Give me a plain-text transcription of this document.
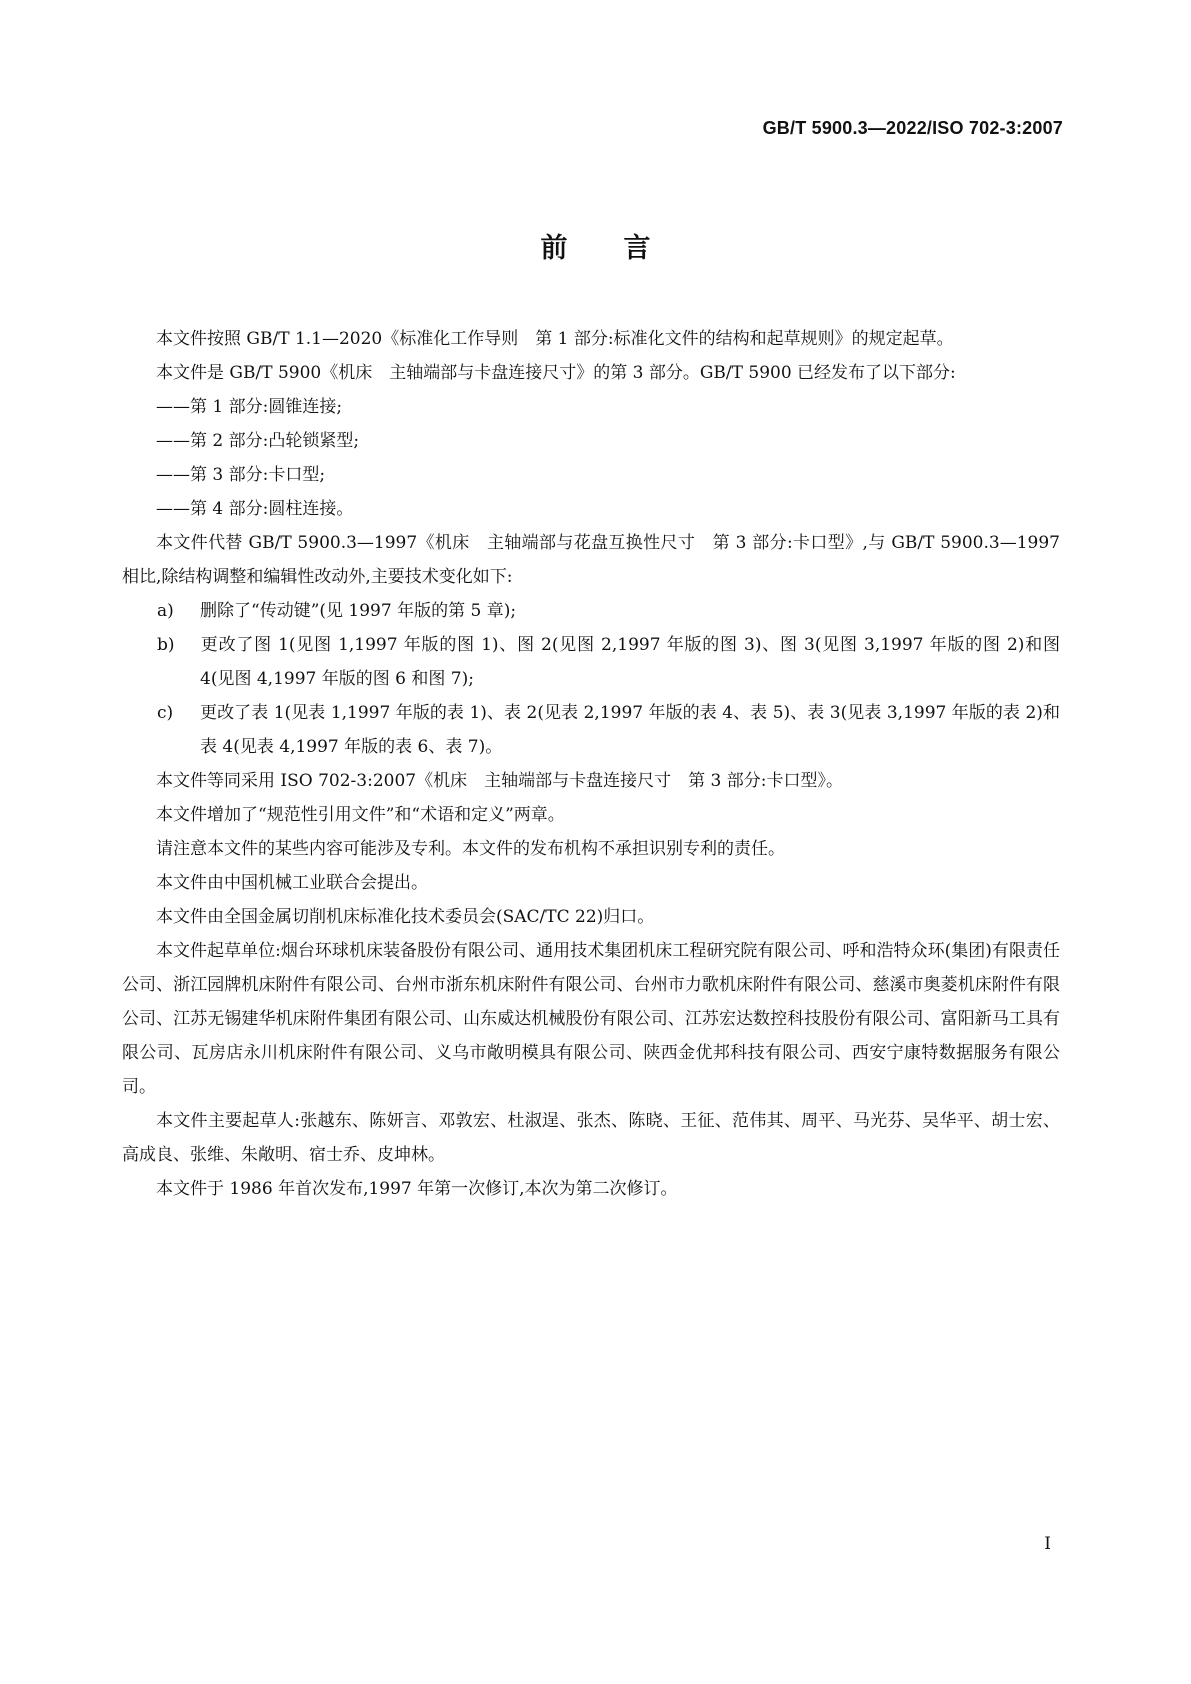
GB/T 5900.3—2022/ISO 702-3:2007
前 言

本文件按照 GB/T 1.1—2020《标准化工作导则　第 1 部分:标准化文件的结构和起草规则》的规定起草。

本文件是 GB/T 5900《机床　主轴端部与卡盘连接尺寸》的第 3 部分。GB/T 5900 已经发布了以下部分:

——第 1 部分:圆锥连接;

——第 2 部分:凸轮锁紧型;

——第 3 部分:卡口型;

——第 4 部分:圆柱连接。

本文件代替 GB/T 5900.3—1997《机床　主轴端部与花盘互换性尺寸　第 3 部分:卡口型》,与 GB/T 5900.3—1997 相比,除结构调整和编辑性改动外,主要技术变化如下:

a) 删除了“传动键”(见 1997 年版的第 5 章);

b) 更改了图 1(见图 1,1997 年版的图 1)、图 2(见图 2,1997 年版的图 3)、图 3(见图 3,1997 年版的图 2)和图 4(见图 4,1997 年版的图 6 和图 7);

c) 更改了表 1(见表 1,1997 年版的表 1)、表 2(见表 2,1997 年版的表 4、表 5)、表 3(见表 3,1997 年版的表 2)和表 4(见表 4,1997 年版的表 6、表 7)。

本文件等同采用 ISO 702-3:2007《机床　主轴端部与卡盘连接尺寸　第 3 部分:卡口型》。

本文件增加了“规范性引用文件”和“术语和定义”两章。

请注意本文件的某些内容可能涉及专利。本文件的发布机构不承担识别专利的责任。

本文件由中国机械工业联合会提出。

本文件由全国金属切削机床标准化技术委员会(SAC/TC 22)归口。

本文件起草单位:烟台环球机床装备股份有限公司、通用技术集团机床工程研究院有限公司、呼和浩特众环(集团)有限责任公司、浙江园牌机床附件有限公司、台州市浙东机床附件有限公司、台州市力歌机床附件有限公司、慈溪市奥菱机床附件有限公司、江苏无锡建华机床附件集团有限公司、山东威达机械股份有限公司、江苏宏达数控科技股份有限公司、富阳新马工具有限公司、瓦房店永川机床附件有限公司、义乌市敞明模具有限公司、陕西金优邦科技有限公司、西安宁康特数据服务有限公司。

本文件主要起草人:张越东、陈妍言、邓敦宏、杜淑逞、张杰、陈晓、王征、范伟其、周平、马光芬、吴华平、胡士宏、高成良、张维、朱敞明、宿士乔、皮坤林。

本文件于 1986 年首次发布,1997 年第一次修订,本次为第二次修订。

I
